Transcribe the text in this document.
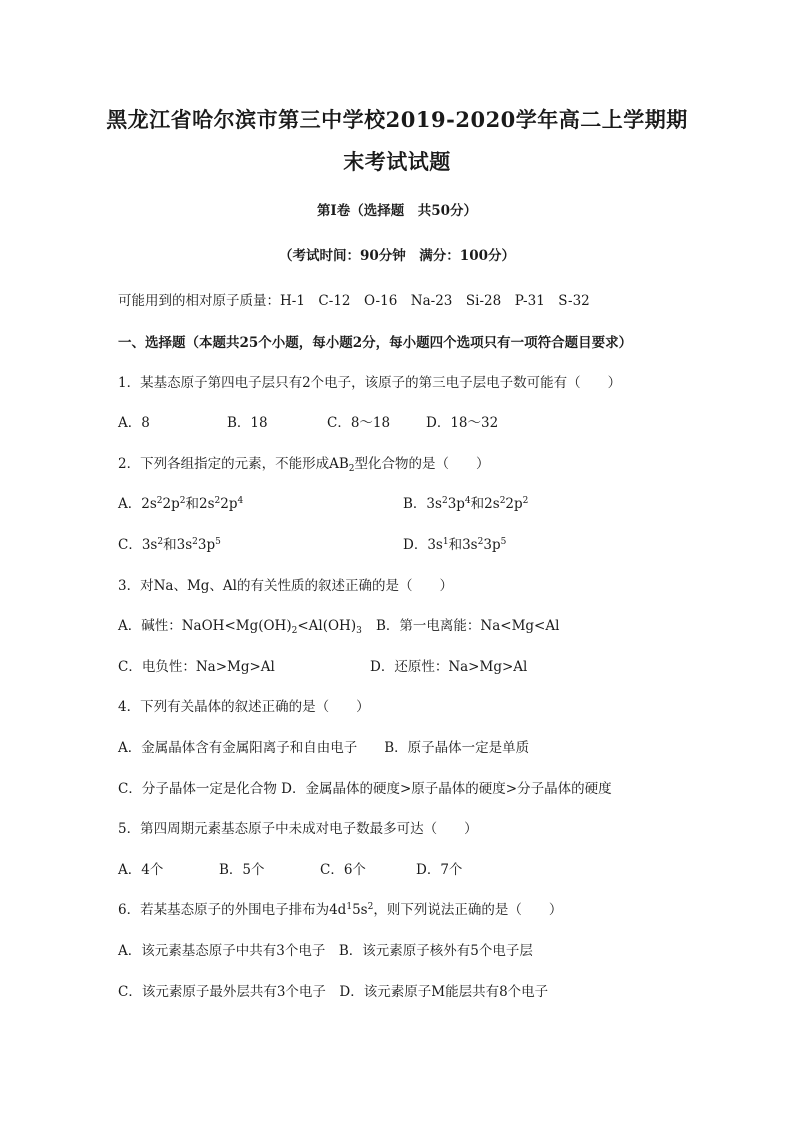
黑龙江省哈尔滨市第三中学校2019-2020学年高二上学期期
末考试试题
第Ⅰ卷（选择题　共50分）
（考试时间：90分钟　满分：100分）
可能用到的相对原子质量：H-1　C-12　O-16　Na-23　Si-28　P-31　S-32
一、选择题（本题共25个小题，每小题2分，每小题四个选项只有一项符合题目要求）
1．某基态原子第四电子层只有2个电子，该原子的第三电子层电子数可能有（　　）
A．8	B．18	C．8～18	D．18～32
2．下列各组指定的元素，不能形成$AB_2$型化合物的是（　　）
A．$2s^22p^2$和$2s^22p^4$	B．$3s^23p^4$和$2s^22p^2$
C．$3s^2$和$3s^23p^5$	D．$3s^1$和$3s^23p^5$
3．对Na、Mg、Al的有关性质的叙述正确的是（　　）
A．碱性：$NaOH<Mg(OH)_2<Al(OH)_3$ B．第一电离能：Na<Mg<Al
C．电负性：Na>Mg>Al	D．还原性：Na>Mg>Al
4．下列有关晶体的叙述正确的是（　　）
A．金属晶体含有金属阳离子和自由电子　　B．原子晶体一定是单质
C．分子晶体一定是化合物 D．金属晶体的硬度>原子晶体的硬度>分子晶体的硬度
5．第四周期元素基态原子中未成对电子数最多可达（　　）
A．4个	B．5个	C．6个	D．7个
6．若某基态原子的外围电子排布为$4d^15s^2$，则下列说法正确的是（　　）
A．该元素基态原子中共有3个电子　B．该元素原子核外有5个电子层
C．该元素原子最外层共有3个电子　D．该元素原子M能层共有8个电子
